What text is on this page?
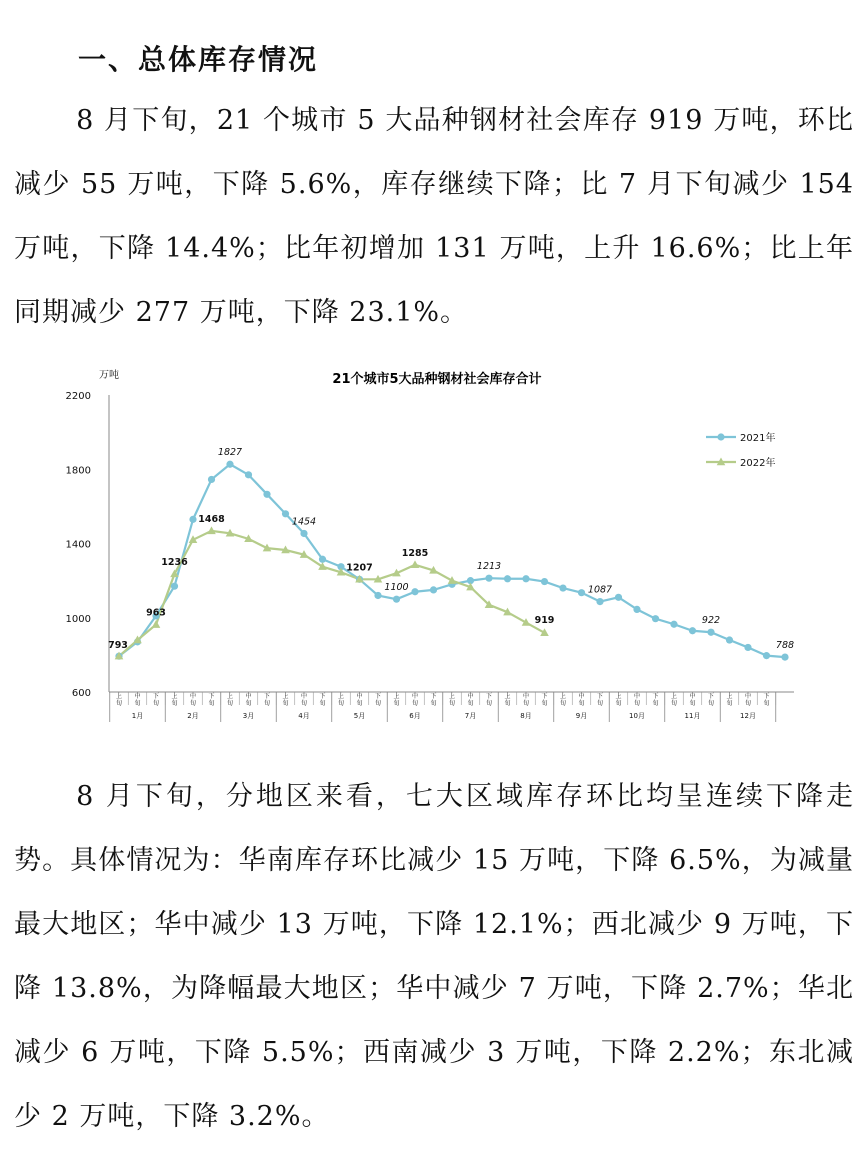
一、总体库存情况

8 月下旬，21 个城市 5 大品种钢材社会库存 919 万吨，环比减少 55 万吨，下降 5.6%，库存继续下降；比 7 月下旬减少 154 万吨，下降 14.4%；比年初增加 131 万吨，上升 16.6%；比上年同期减少 277 万吨，下降 23.1%。

万吨	21个城市5大品种钢材社会库存合计
600
1000
1400
1800
2200
上旬
中旬
下旬
上旬
中旬
下旬
上旬
中旬
下旬
上旬
中旬
下旬
上旬
中旬
下旬
上旬
中旬
下旬
上旬
中旬
下旬
上旬
中旬
下旬
上旬
中旬
下旬
上旬
中旬
下旬
上旬
中旬
下旬
上旬
中旬
下旬
1月	2月	3月	4月	5月	6月	7月	8月	9月	10月	11月	12月
1827
1454
1100
1213
1087
922
788
793
963
1236
1468
1207
1285
919
2021年
2022年

8 月下旬，分地区来看，七大区域库存环比均呈连续下降走势。具体情况为：华南库存环比减少 15 万吨，下降 6.5%，为减量最大地区；华中减少 13 万吨，下降 12.1%；西北减少 9 万吨，下降 13.8%，为降幅最大地区；华中减少 7 万吨，下降 2.7%；华北减少 6 万吨，下降 5.5%；西南减少 3 万吨，下降 2.2%；东北减少 2 万吨，下降 3.2%。
